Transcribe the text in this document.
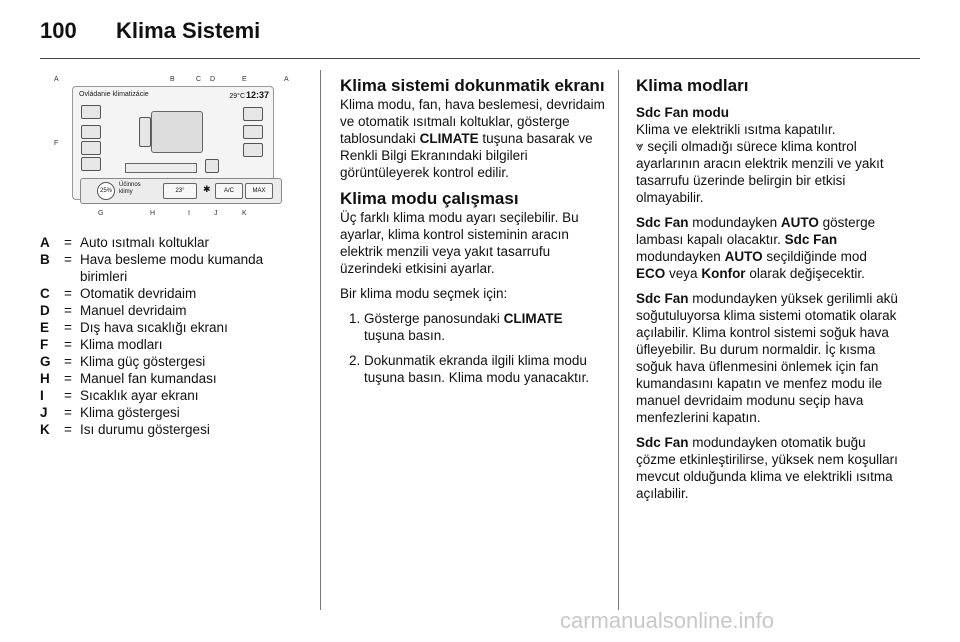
100 Klima Sistemi
A	B	C D	E	A
F
G	H	I	J	K
Ovládanie klimatizácie	29°C 12:37
25%
Účinnos klimy	23°	✱	A/C	MAX
A	= Auto ısıtmalı koltuklar
B	= Hava besleme modu kumanda birimleri
C	= Otomatik devridaim
D	= Manuel devridaim
E	= Dış hava sıcaklığı ekranı
F	= Klima modları
G = Klima güç göstergesi
H	= Manuel fan kumandası
I	= Sıcaklık ayar ekranı
J	= Klima göstergesi
K	= Isı durumu göstergesi
Klima sistemi dokunmatik ekranı

Klima modu, fan, hava beslemesi, devridaim ve otomatik ısıtmalı koltuklar, gösterge tablosundaki CLIMATE tuşuna basarak ve Renkli Bilgi Ekranındaki bilgileri görüntüleyerek kontrol edilir.

Klima modu çalışması

Üç farklı klima modu ayarı seçilebilir. Bu ayarlar, klima kontrol sisteminin aracın elektrik menzili veya yakıt tasarrufu üzerindeki etkisini ayarlar.

Bir klima modu seçmek için:

1. Gösterge panosundaki CLIMATE
tuşuna basın.
2. Dokunmatik ekranda ilgili klima modu tuşuna basın. Klima modu yanacaktır.
Klima modları
Sdc Fan modu

Klima ve elektrikli ısıtma kapatılır.
⩔ seçili olmadığı sürece klima kontrol ayarlarının aracın elektrik menzili ve yakıt tasarrufu üzerinde belirgin bir etkisi olmayabilir.

Sdc Fan modundayken AUTO gösterge lambası kapalı olacaktır. Sdc Fan modundayken AUTO seçildiğinde mod ECO veya Konfor olarak değişecektir.

Sdc Fan modundayken yüksek gerilimli akü soğutuluyorsa klima sistemi otomatik olarak açılabilir. Klima kontrol sistemi soğuk hava üfleyebilir. Bu durum normaldir. İç kısma soğuk hava üflenmesini önlemek için fan kumandasını kapatın ve menfez modu ile manuel devridaim modunu seçip hava menfezlerini kapatın.

Sdc Fan modundayken otomatik buğu çözme etkinleştirilirse, yüksek nem koşulları mevcut olduğunda klima ve elektrikli ısıtma açılabilir.

carmanualsonline.info
